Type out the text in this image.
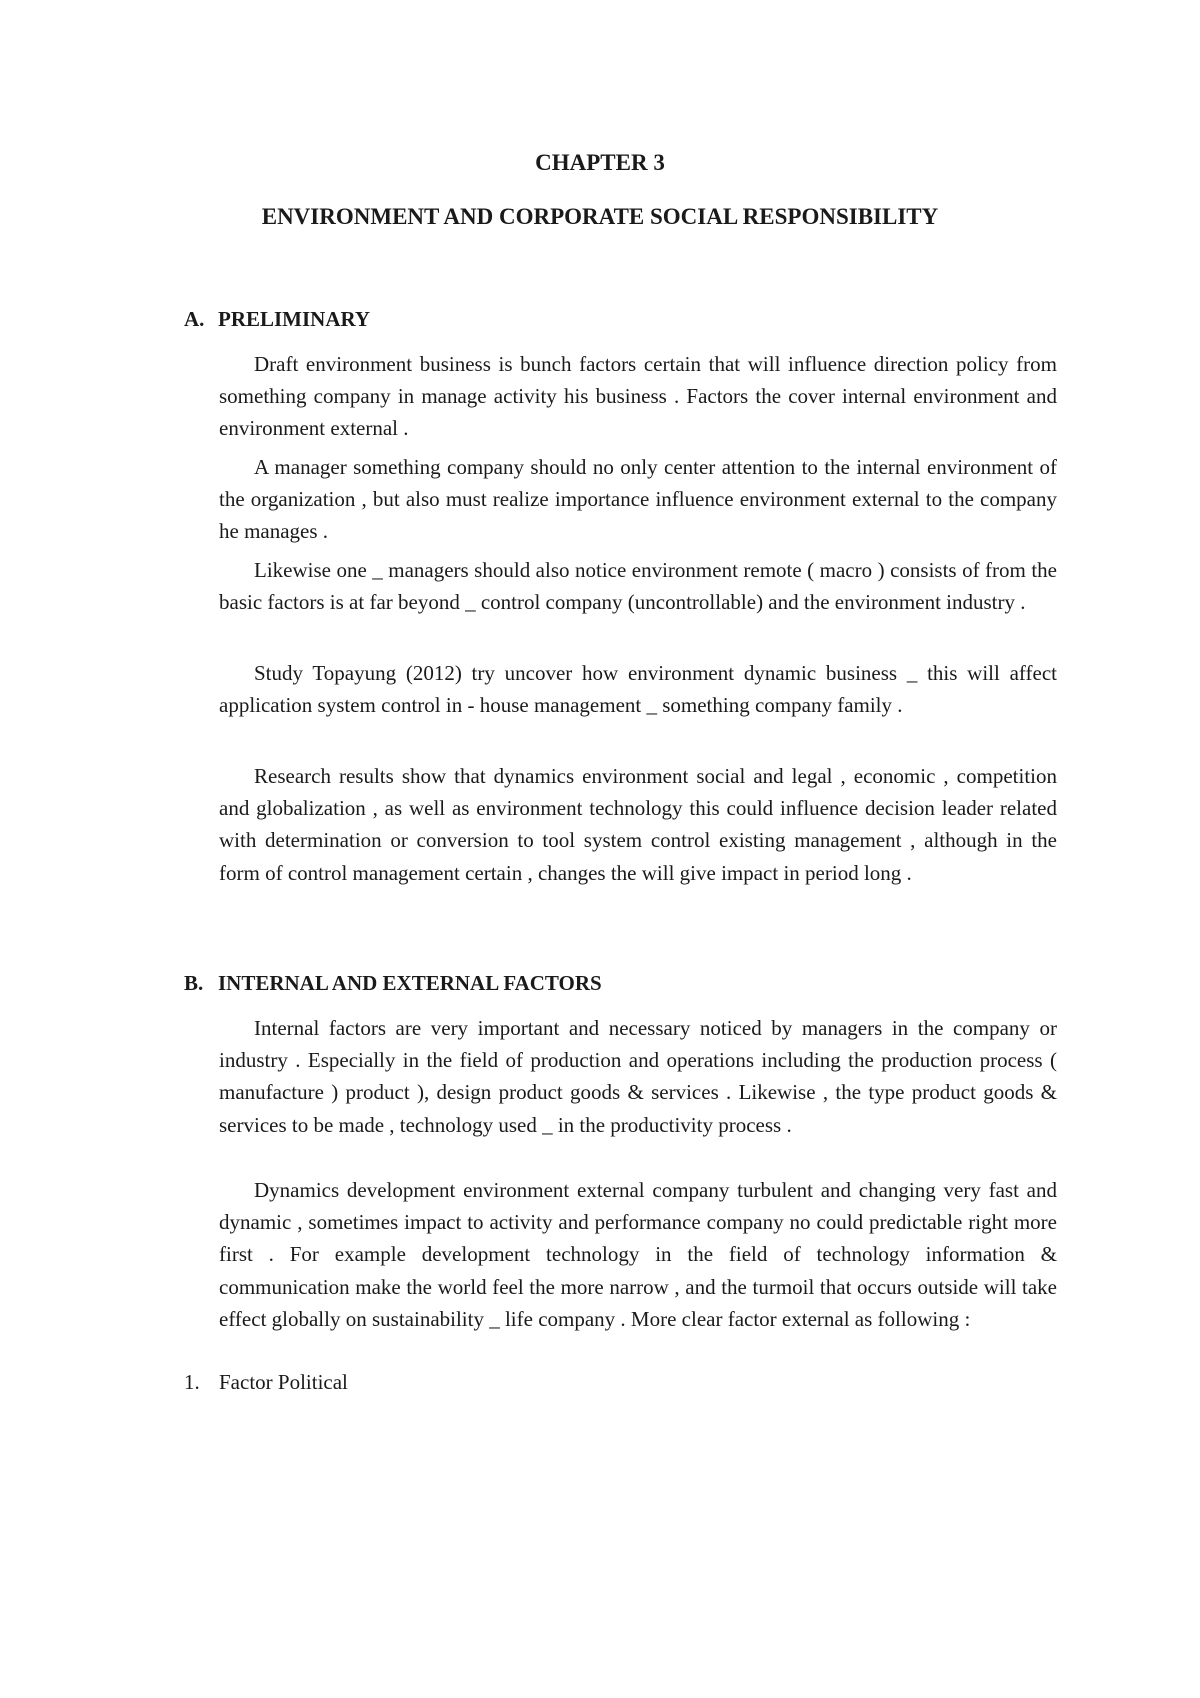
CHAPTER 3
ENVIRONMENT AND CORPORATE SOCIAL RESPONSIBILITY
A. PRELIMINARY

Draft environment business is bunch factors certain that will influence direction policy from something company in manage activity his business . Factors the cover internal environment and environment external .

A manager something company should no only center attention to the internal environment of the organization , but also must realize importance influence environment external to the company he manages .

Likewise one _ managers should also notice environment remote ( macro ) consists of from the basic factors is at far beyond _ control company (uncontrollable) and the environment industry .

Study Topayung (2012) try uncover how environment dynamic business _ this will affect application system control in - house management _ something company family .

Research results show that dynamics environment social and legal , economic , competition and globalization , as well as environment technology this could influence decision leader related with determination or conversion to tool system control existing management , although in the form of control management certain , changes the will give impact in period long .

B. INTERNAL AND EXTERNAL FACTORS

Internal factors are very important and necessary noticed by managers in the company or industry . Especially in the field of production and operations including the production process ( manufacture ) product ), design product goods & services . Likewise , the type product goods & services to be made , technology used _ in the productivity process .

Dynamics development environment external company turbulent and changing very fast and dynamic , sometimes impact to activity and performance company no could predictable right more first . For example development technology in the field of technology information & communication make the world feel the more narrow , and the turmoil that occurs outside will take effect globally on sustainability _ life company . More clear factor external as following :

1. Factor Political
